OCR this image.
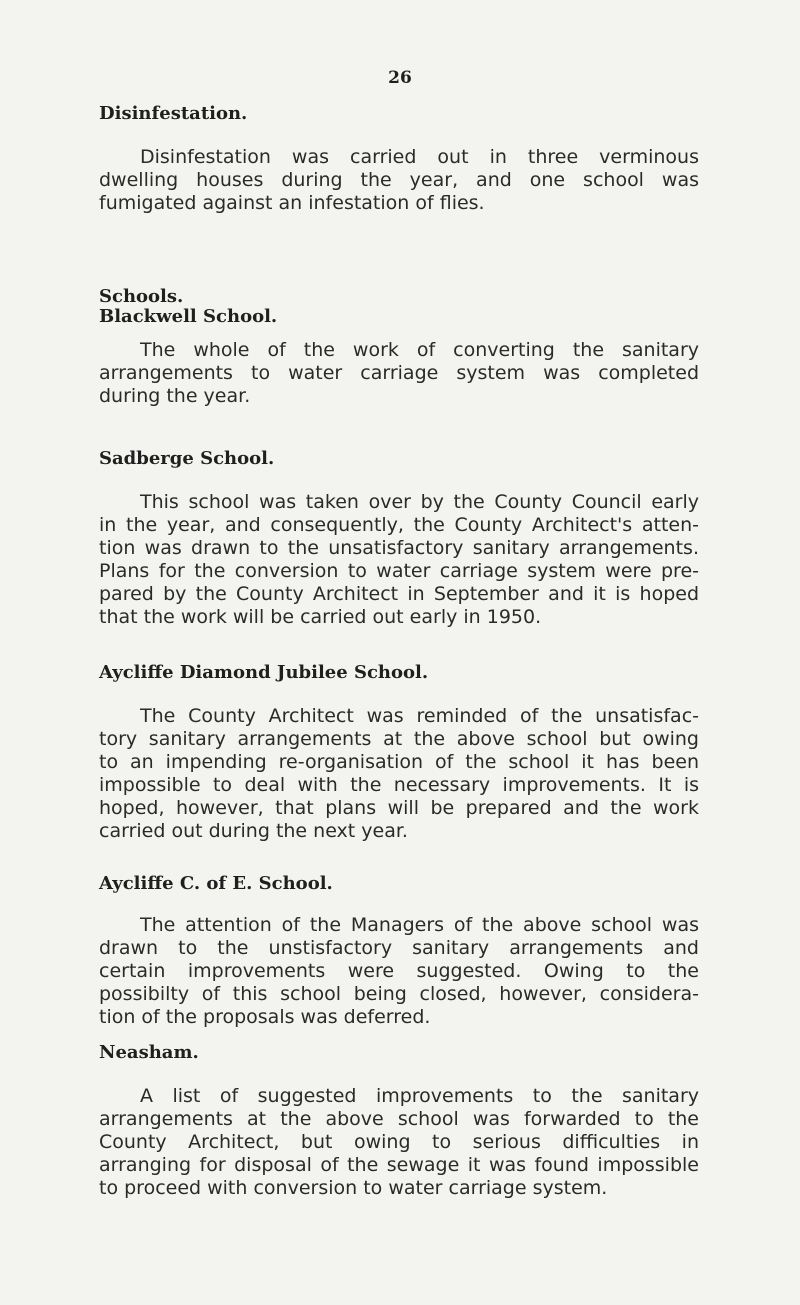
26
Disinfestation.
Disinfestation was carried out in three verminous
dwelling houses during the year, and one school was
fumigated against an infestation of flies.
Schools.
Blackwell School.
The whole of the work of converting the sanitary
arrangements to water carriage system was completed
during the year.
Sadberge School.
This school was taken over by the County Council early
in the year, and consequently, the County Architect's atten-
tion was drawn to the unsatisfactory sanitary arrangements.
Plans for the conversion to water carriage system were pre-
pared by the County Architect in September and it is hoped
that the work will be carried out early in 1950.
Aycliffe Diamond Jubilee School.
The County Architect was reminded of the unsatisfac-
tory sanitary arrangements at the above school but owing
to an impending re-organisation of the school it has been
impossible to deal with the necessary improvements. It is
hoped, however, that plans will be prepared and the work
carried out during the next year.
Aycliffe C. of E. School.
The attention of the Managers of the above school was
drawn to the unstisfactory sanitary arrangements and
certain improvements were suggested. Owing to the
possibilty of this school being closed, however, considera-
tion of the proposals was deferred.
Neasham.
A list of suggested improvements to the sanitary
arrangements at the above school was forwarded to the
County Architect, but owing to serious difficulties in
arranging for disposal of the sewage it was found impossible
to proceed with conversion to water carriage system.
